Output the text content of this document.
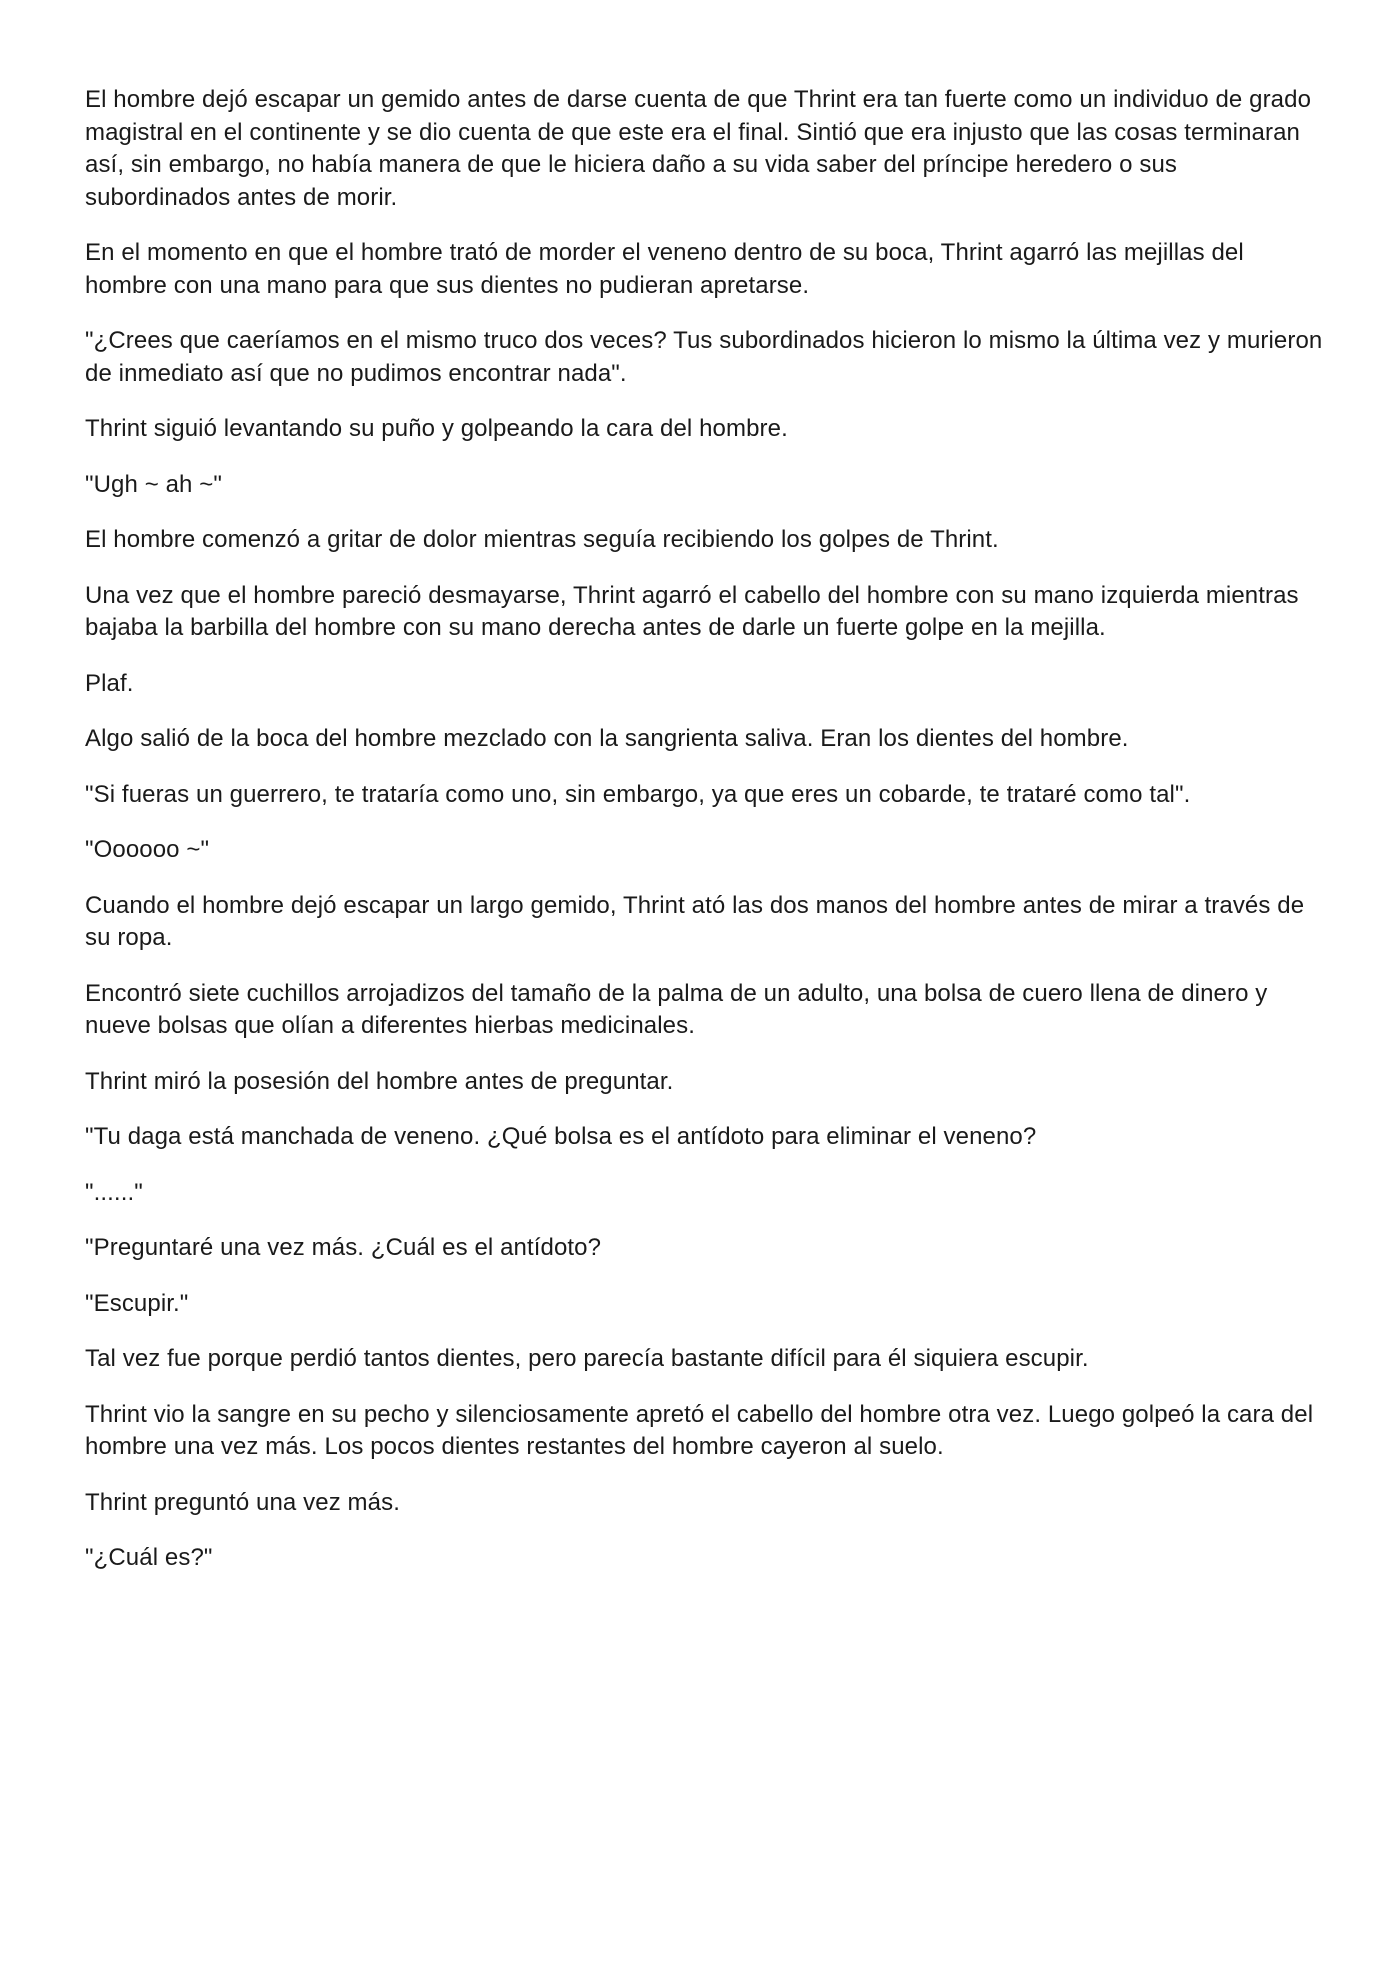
El hombre dejó escapar un gemido antes de darse cuenta de que Thrint era tan fuerte como un individuo de grado magistral en el continente y se dio cuenta de que este era el final. Sintió que era injusto que las cosas terminaran así, sin embargo, no había manera de que le hiciera daño a su vida saber del príncipe heredero o sus subordinados antes de morir.

En el momento en que el hombre trató de morder el veneno dentro de su boca, Thrint agarró las mejillas del hombre con una mano para que sus dientes no pudieran apretarse.

"¿Crees que caeríamos en el mismo truco dos veces? Tus subordinados hicieron lo mismo la última vez y murieron de inmediato así que no pudimos encontrar nada".

Thrint siguió levantando su puño y golpeando la cara del hombre.

"Ugh ~ ah ~"

El hombre comenzó a gritar de dolor mientras seguía recibiendo los golpes de Thrint.

Una vez que el hombre pareció desmayarse, Thrint agarró el cabello del hombre con su mano izquierda mientras bajaba la barbilla del hombre con su mano derecha antes de darle un fuerte golpe en la mejilla.

Plaf.

Algo salió de la boca del hombre mezclado con la sangrienta saliva. Eran los dientes del hombre.

"Si fueras un guerrero, te trataría como uno, sin embargo, ya que eres un cobarde, te trataré como tal".

"Oooooo ~"

Cuando el hombre dejó escapar un largo gemido, Thrint ató las dos manos del hombre antes de mirar a través de su ropa.

Encontró siete cuchillos arrojadizos del tamaño de la palma de un adulto, una bolsa de cuero llena de dinero y nueve bolsas que olían a diferentes hierbas medicinales.

Thrint miró la posesión del hombre antes de preguntar.

"Tu daga está manchada de veneno. ¿Qué bolsa es el antídoto para eliminar el veneno?

"......"

"Preguntaré una vez más. ¿Cuál es el antídoto?

"Escupir."

Tal vez fue porque perdió tantos dientes, pero parecía bastante difícil para él siquiera escupir.

Thrint vio la sangre en su pecho y silenciosamente apretó el cabello del hombre otra vez. Luego golpeó la cara del hombre una vez más. Los pocos dientes restantes del hombre cayeron al suelo.

Thrint preguntó una vez más.

"¿Cuál es?"
